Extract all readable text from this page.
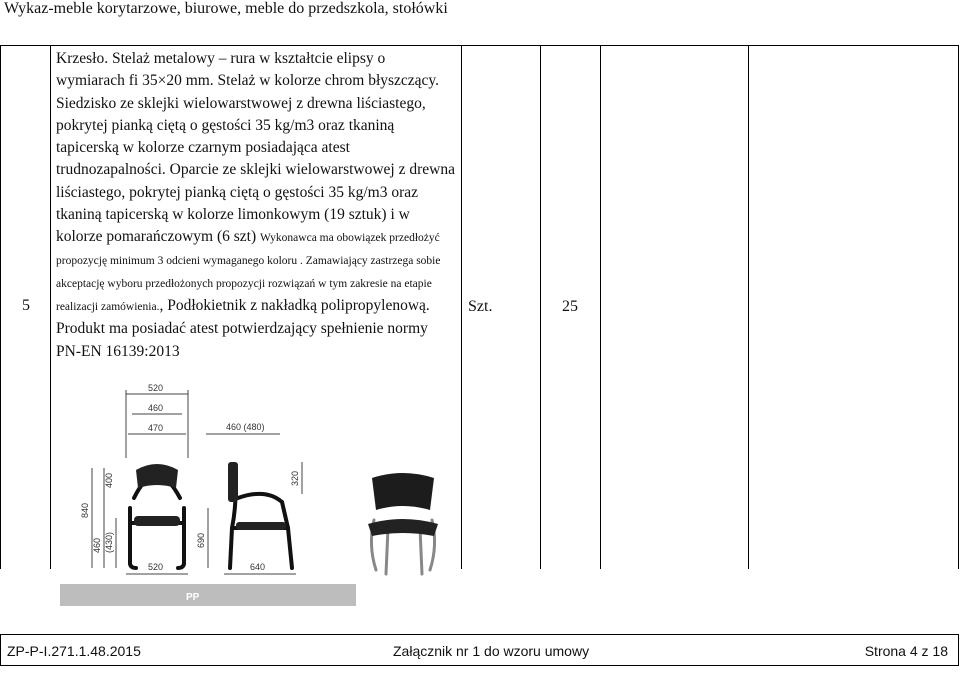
Wykaz-meble korytarzowe, biurowe, meble do przedszkola, stołówki
5
Krzesło. Stelaż metalowy – rura w kształtcie elipsy o wymiarach fi 35×20 mm. Stelaż w kolorze chrom błyszczący. Siedzisko ze sklejki wielowarstwowej z drewna liściastego, pokrytej pianką ciętą o gęstości 35 kg/m3 oraz tkaniną tapicerską w kolorze czarnym posiadająca atest trudnozapalności. Oparcie ze sklejki wielowarstwowej z drewna liściastego, pokrytej pianką ciętą o gęstości 35 kg/m3 oraz tkaniną tapicerską w kolorze limonkowym (19 sztuk) i w kolorze pomarańczowym (6 szt) Wykonawca ma obowiązek przedłożyć propozycję minimum 3 odcieni wymaganego koloru . Zamawiający zastrzega sobie akceptację wyboru przedłożonych propozycji rozwiązań w tym zakresie na etapie realizacji zamówienia., Podłokietnik z nakładką polipropylenową. Produkt ma posiadać atest potwierdzający spełnienie normy PN-EN 16139:2013
Szt.	25
520
460
470	460 (480)
840
460
400
(430)	690
320
520	640
PP
ZP-P-I.271.1.48.2015	Załącznik nr 1 do wzoru umowy	Strona 4 z 18
